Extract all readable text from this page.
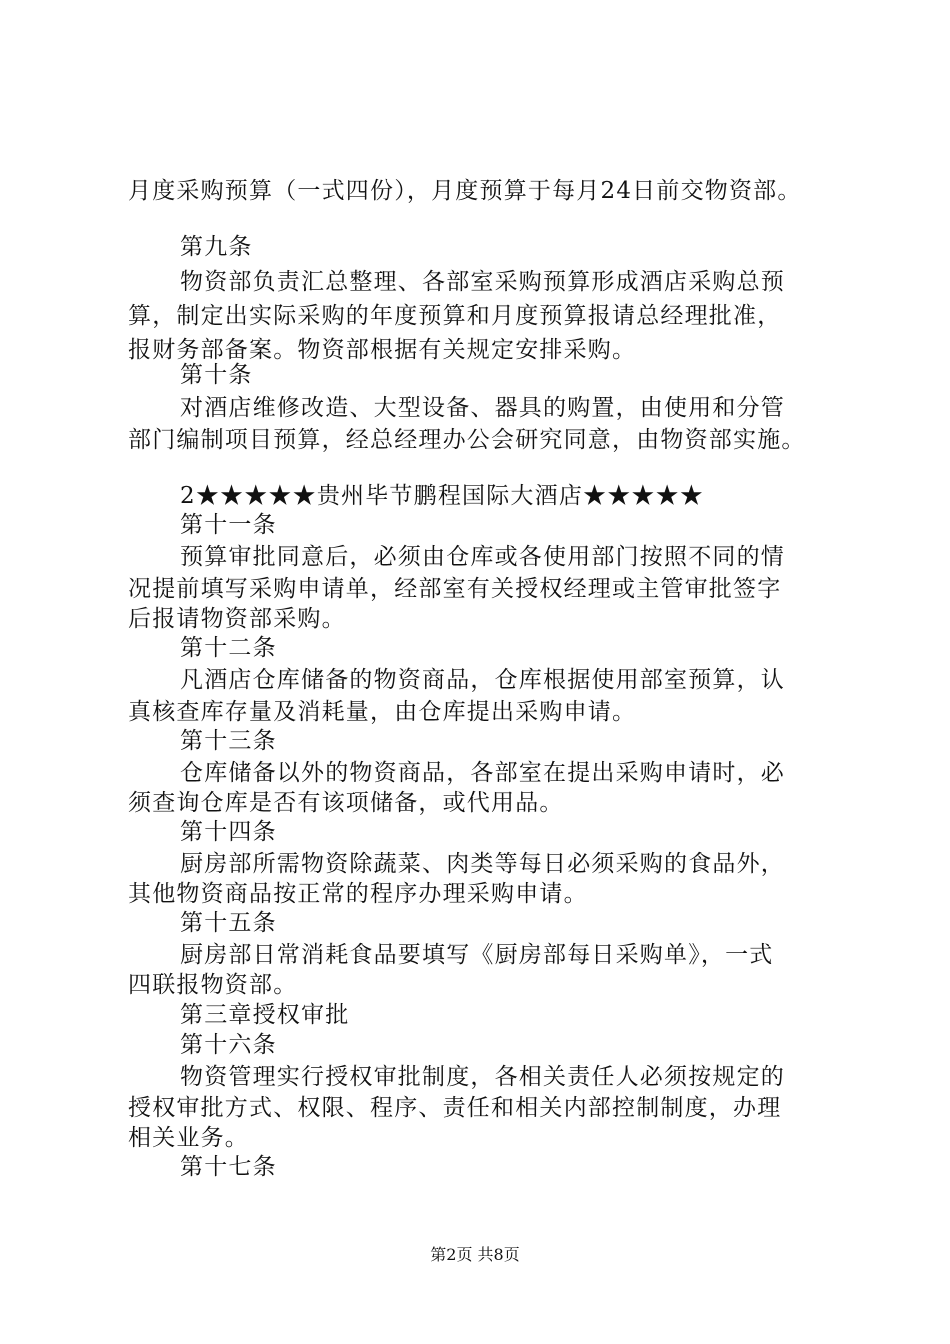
月度采购预算（一式四份），月度预算于每月24日前交物资部。
第九条
物资部负责汇总整理、各部室采购预算形成酒店采购总预
算，制定出实际采购的年度预算和月度预算报请总经理批准，
报财务部备案。物资部根据有关规定安排采购。
第十条
对酒店维修改造、大型设备、器具的购置，由使用和分管
部门编制项目预算，经总经理办公会研究同意，由物资部实施。
2★★★★★贵州毕节鹏程国际大酒店★★★★★
第十一条
预算审批同意后，必须由仓库或各使用部门按照不同的情
况提前填写采购申请单，经部室有关授权经理或主管审批签字
后报请物资部采购。
第十二条
凡酒店仓库储备的物资商品，仓库根据使用部室预算，认
真核查库存量及消耗量，由仓库提出采购申请。
第十三条
仓库储备以外的物资商品，各部室在提出采购申请时，必
须查询仓库是否有该项储备，或代用品。
第十四条
厨房部所需物资除蔬菜、肉类等每日必须采购的食品外，
其他物资商品按正常的程序办理采购申请。
第十五条
厨房部日常消耗食品要填写《厨房部每日采购单》，一式
四联报物资部。
第三章授权审批
第十六条
物资管理实行授权审批制度，各相关责任人必须按规定的
授权审批方式、权限、程序、责任和相关内部控制制度，办理
相关业务。
第十七条
第2页 共8页
